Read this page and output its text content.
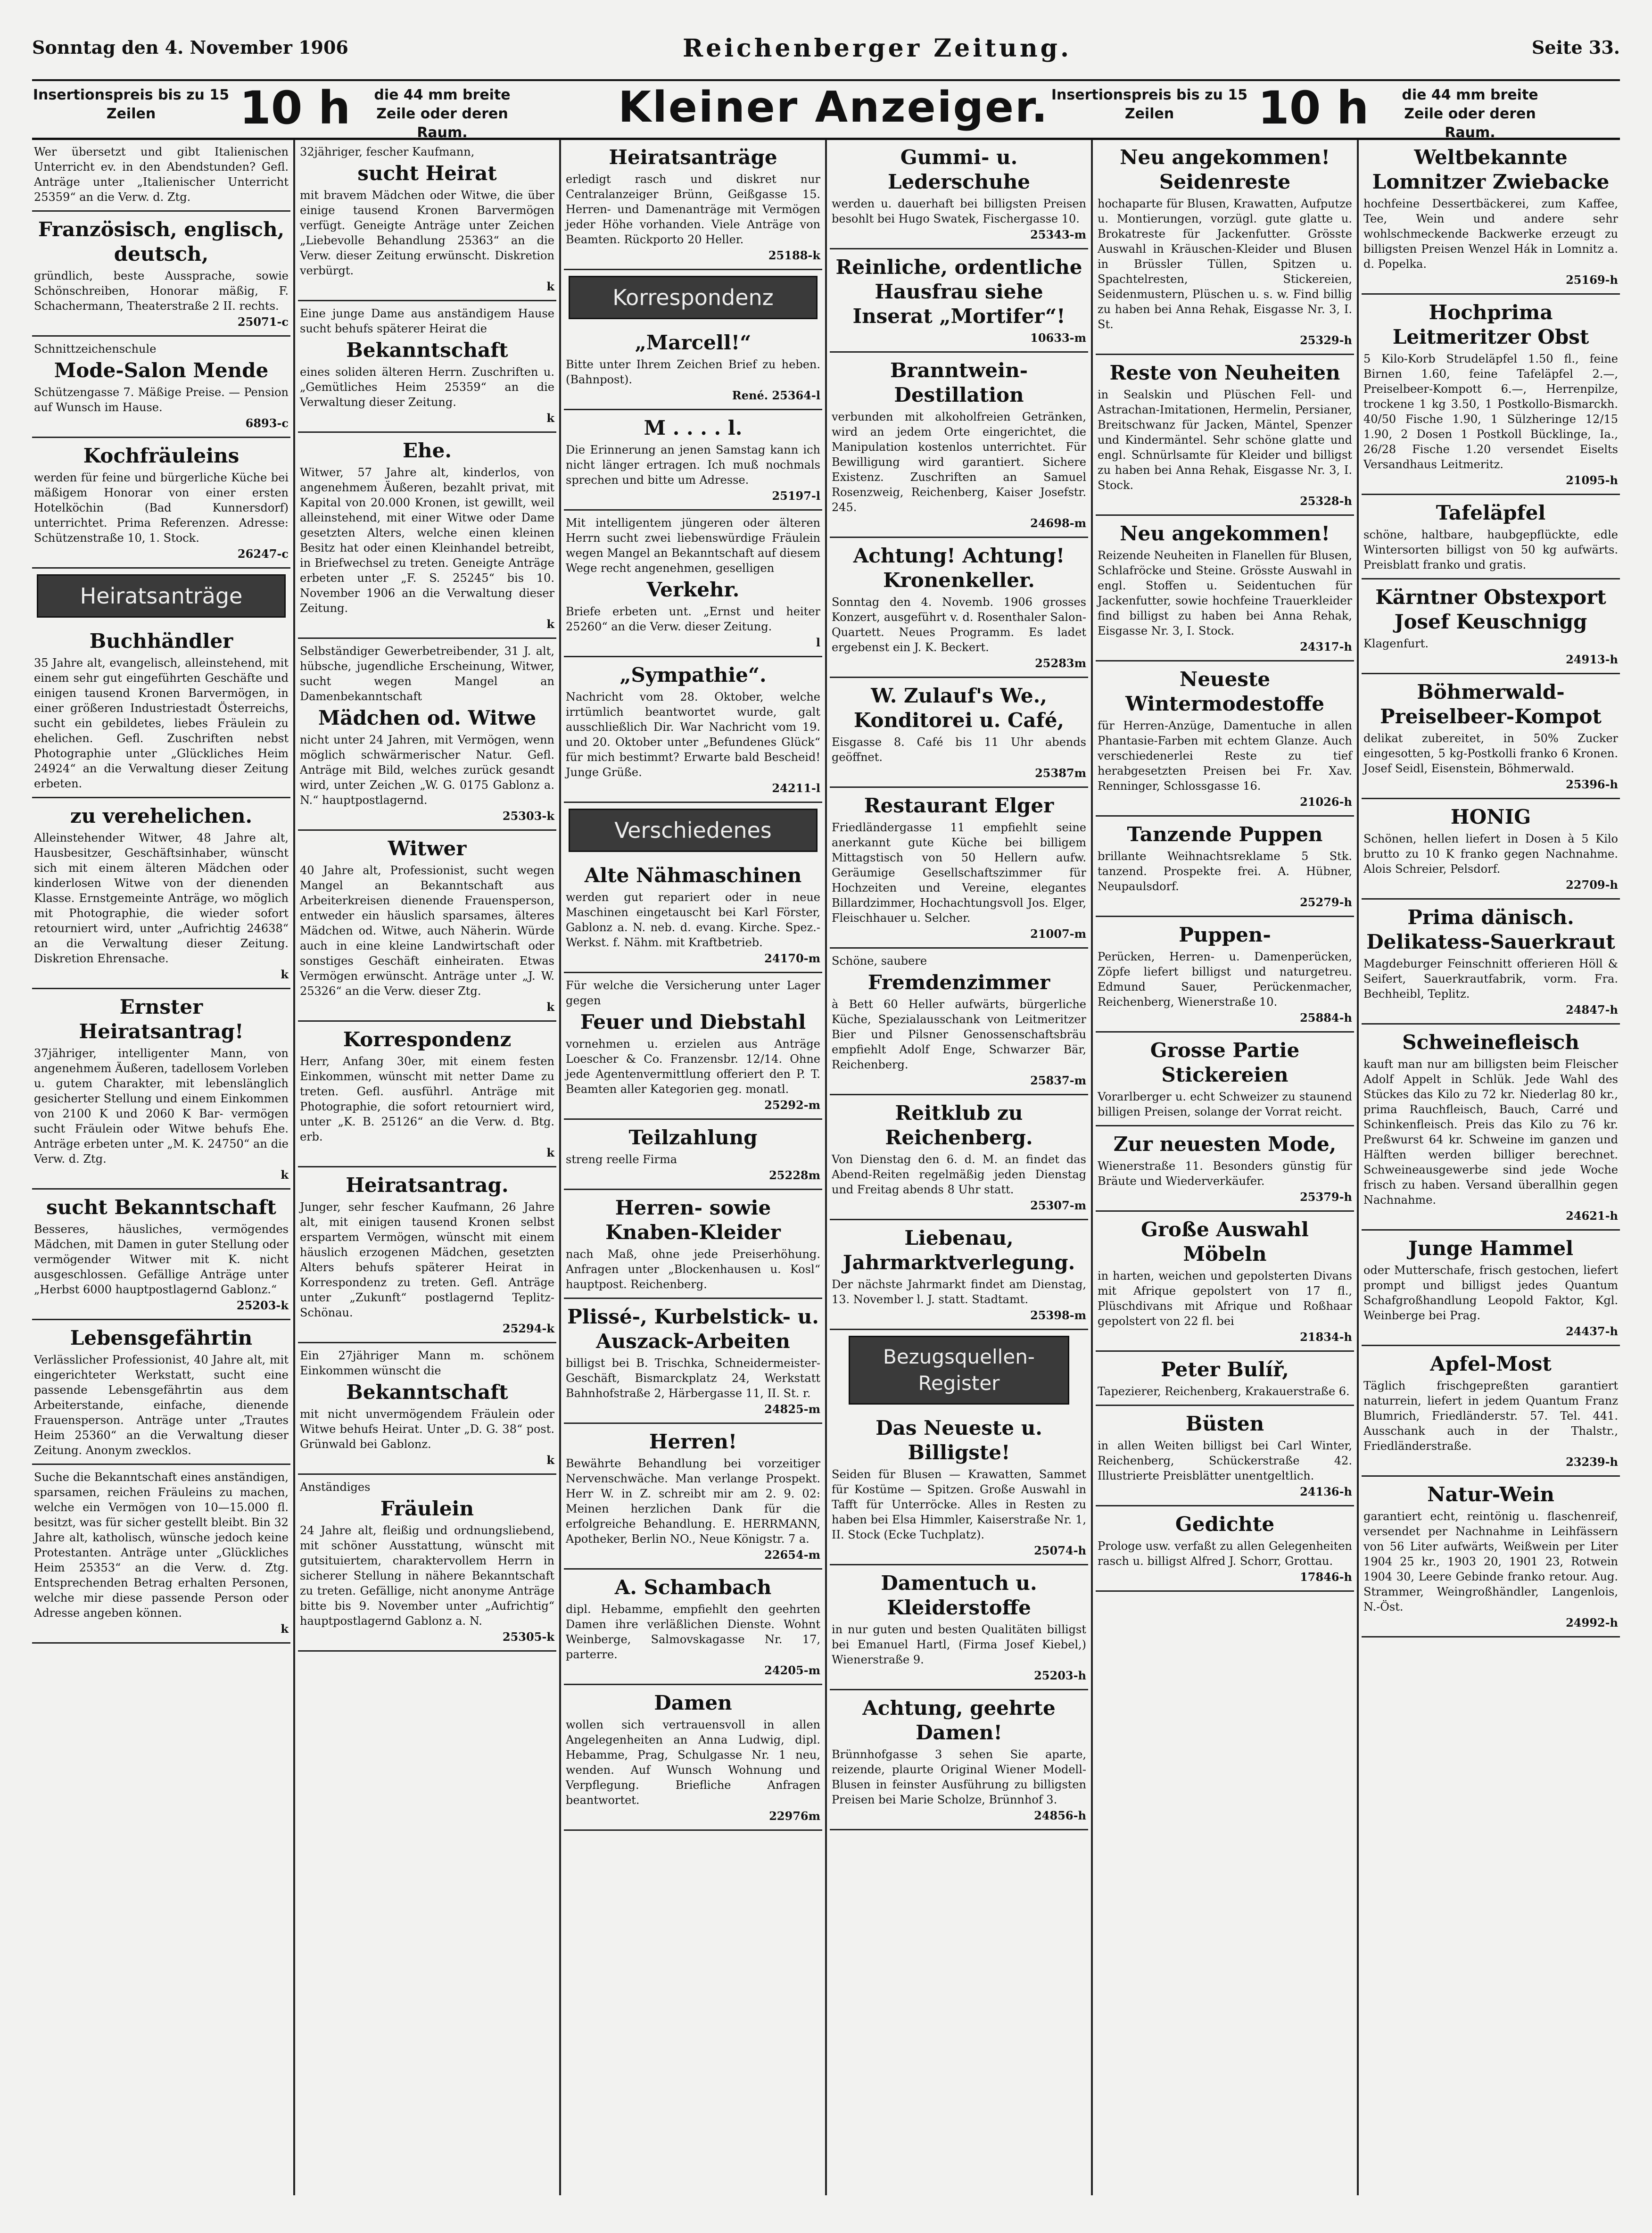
Sonntag den 4. November 1906	Reichenberger Zeitung.	Seite 33.
Insertionspreis bis zu 15 Zeilen	10 h	die 44 mm breite Zeile oder deren Raum.
Kleiner Anzeiger. Insertionspreis bis zu 15 Zeilen	10 h	die 44 mm breite Zeile oder deren Raum.

Wer übersetzt und gibt Italienischen Unterricht ev. in den Abendstunden? Gefl. Anträge unter „Italienischer Unterricht 25359“ an die Verw. d. Ztg.

Französisch, englisch, deutsch,

gründlich, beste Aussprache, sowie Schönschreiben, Honorar mäßig, F. Schachermann, Theaterstraße 2 II. rechts.

25071-c

Schnittzeichenschule

Mode-Salon Mende

Schützengasse 7. Mäßige Preise. — Pension auf Wunsch im Hause.

6893-c

Kochfräuleins

werden für feine und bürgerliche Küche bei mäßigem Honorar von einer ersten Hotelköchin (Bad Kunnersdorf) unterrichtet. Prima Referenzen. Adresse: Schützenstraße 10, 1. Stock.

26247-c

Heiratsanträge
Buchhändler

35 Jahre alt, evangelisch, alleinstehend, mit einem sehr gut eingeführten Geschäfte und einigen tausend Kronen Barvermögen, in einer größeren Industriestadt Österreichs, sucht ein gebildetes, liebes Fräulein zu ehelichen. Gefl. Zuschriften nebst Photographie unter „Glückliches Heim 24924“ an die Verwaltung dieser Zeitung erbeten.

zu verehelichen.

Alleinstehender Witwer, 48 Jahre alt, Hausbesitzer, Geschäftsinhaber, wünscht sich mit einem älteren Mädchen oder kinderlosen Witwe von der dienenden Klasse. Ernstgemeinte Anträge, wo möglich mit Photographie, die wieder sofort retourniert wird, unter „Aufrichtig 24638“ an die Verwaltung dieser Zeitung. Diskretion Ehrensache.

k

Ernster Heiratsantrag!

37jähriger, intelligenter Mann, von angenehmem Äußeren, tadellosem Vorleben u. gutem Charakter, mit lebenslänglich gesicherter Stellung und einem Einkommen von 2100 K und 2060 K Bar- vermögen sucht Fräulein oder Witwe behufs Ehe. Anträge erbeten unter „M. K. 24750“ an die Verw. d. Ztg.

k

sucht Bekanntschaft

Besseres, häusliches, vermögendes Mädchen, mit Damen in guter Stellung oder vermögender Witwer mit K. nicht ausgeschlossen. Gefällige Anträge unter „Herbst 6000 hauptpostlagernd Gablonz.“

25203-k

Lebensgefährtin

Verlässlicher Professionist, 40 Jahre alt, mit eingerichteter Werkstatt, sucht eine passende Lebensgefährtin aus dem Arbeiterstande, einfache, dienende Frauensperson. Anträge unter „Trautes Heim 25360“ an die Verwaltung dieser Zeitung. Anonym zwecklos.

Suche die Bekanntschaft eines anständigen, sparsamen, reichen Fräuleins zu machen, welche ein Vermögen von 10—15.000 fl. besitzt, was für sicher gestellt bleibt. Bin 32 Jahre alt, katholisch, wünsche jedoch keine Protestanten. Anträge unter „Glückliches Heim 25353“ an die Verw. d. Ztg. Entsprechenden Betrag erhalten Personen, welche mir diese passende Person oder Adresse angeben können.

k

32jähriger, fescher Kaufmann,

sucht Heirat

mit bravem Mädchen oder Witwe, die über einige tausend Kronen Barvermögen verfügt. Geneigte Anträge unter Zeichen „Liebevolle Behandlung 25363“ an die Verw. dieser Zeitung erwünscht. Diskretion verbürgt.

k

Eine junge Dame aus anständigem Hause sucht behufs späterer Heirat die

Bekanntschaft

eines soliden älteren Herrn. Zuschriften u. „Gemütliches Heim 25359“ an die Verwaltung dieser Zeitung.

k

Ehe.

Witwer, 57 Jahre alt, kinderlos, von angenehmem Äußeren, bezahlt privat, mit Kapital von 20.000 Kronen, ist gewillt, weil alleinstehend, mit einer Witwe oder Dame gesetzten Alters, welche einen kleinen Besitz hat oder einen Kleinhandel betreibt, in Briefwechsel zu treten. Geneigte Anträge erbeten unter „F. S. 25245“ bis 10. November 1906 an die Verwaltung dieser Zeitung.

k

Selbständiger Gewerbetreibender, 31 J. alt, hübsche, jugendliche Erscheinung, Witwer, sucht wegen Mangel an Damenbekanntschaft

Mädchen od. Witwe

nicht unter 24 Jahren, mit Vermögen, wenn möglich schwärmerischer Natur. Gefl. Anträge mit Bild, welches zurück gesandt wird, unter Zeichen „W. G. 0175 Gablonz a. N.“ hauptpostlagernd.

25303-k

Witwer

40 Jahre alt, Professionist, sucht wegen Mangel an Bekanntschaft aus Arbeiterkreisen dienende Frauensperson, entweder ein häuslich sparsames, älteres Mädchen od. Witwe, auch Näherin. Würde auch in eine kleine Landwirtschaft oder sonstiges Geschäft einheiraten. Etwas Vermögen erwünscht. Anträge unter „J. W. 25326“ an die Verw. dieser Ztg.

k

Korrespondenz

Herr, Anfang 30er, mit einem festen Einkommen, wünscht mit netter Dame zu treten. Gefl. ausführl. Anträge mit Photographie, die sofort retourniert wird, unter „K. B. 25126“ an die Verw. d. Btg. erb.

k

Heiratsantrag.

Junger, sehr fescher Kaufmann, 26 Jahre alt, mit einigen tausend Kronen selbst erspartem Vermögen, wünscht mit einem häuslich erzogenen Mädchen, gesetzten Alters behufs späterer Heirat in Korrespondenz zu treten. Gefl. Anträge unter „Zukunft“ postlagernd Teplitz-Schönau.

25294-k

Ein 27jähriger Mann m. schönem Einkommen wünscht die

Bekanntschaft

mit nicht unvermögendem Fräulein oder Witwe behufs Heirat. Unter „D. G. 38“ post. Grünwald bei Gablonz.

k

Anständiges

Fräulein

24 Jahre alt, fleißig und ordnungsliebend, mit schöner Ausstattung, wünscht mit gutsituiertem, charaktervollem Herrn in sicherer Stellung in nähere Bekanntschaft zu treten. Gefällige, nicht anonyme Anträge bitte bis 9. November unter „Aufrichtig“ hauptpostlagernd Gablonz a. N.

25305-k

Heiratsanträge

erledigt rasch und diskret nur Centralanzeiger Brünn, Geißgasse 15. Herren- und Damenanträge mit Vermögen jeder Höhe vorhanden. Viele Anträge von Beamten. Rückporto 20 Heller.

25188-k

Korrespondenz
„Marcell!“

Bitte unter Ihrem Zeichen Brief zu heben. (Bahnpost).

René. 25364-l

M . . . . l.

Die Erinnerung an jenen Samstag kann ich nicht länger ertragen. Ich muß nochmals sprechen und bitte um Adresse.

25197-l

Mit intelligentem jüngeren oder älteren Herrn sucht zwei liebenswürdige Fräulein wegen Mangel an Bekanntschaft auf diesem Wege recht angenehmen, geselligen

Verkehr.

Briefe erbeten unt. „Ernst und heiter 25260“ an die Verw. dieser Zeitung.

l

„Sympathie“.

Nachricht vom 28. Oktober, welche irrtümlich beantwortet wurde, galt ausschließlich Dir. War Nachricht vom 19. und 20. Oktober unter „Befundenes Glück“ für mich bestimmt? Erwarte bald Bescheid! Junge Grüße.

24211-l

Verschiedenes
Alte Nähmaschinen

werden gut repariert oder in neue Maschinen eingetauscht bei Karl Förster, Gablonz a. N. neb. d. evang. Kirche. Spez.-Werkst. f. Nähm. mit Kraftbetrieb.

24170-m

Für welche die Versicherung unter Lager gegen

Feuer und Diebstahl

vornehmen u. erzielen aus Anträge Loescher & Co. Franzensbr. 12/14. Ohne jede Agentenvermittlung offeriert den P. T. Beamten aller Kategorien geg. monatl.

25292-m

Teilzahlung

streng reelle Firma

25228m

Herren- sowie Knaben-Kleider

nach Maß, ohne jede Preiserhöhung. Anfragen unter „Blockenhausen u. Kosl“ hauptpost. Reichenberg.

Plissé-, Kurbelstick- u. Auszack-Arbeiten

billigst bei B. Trischka, Schneidermeister-Geschäft, Bismarckplatz 24, Werkstatt Bahnhofstraße 2, Härbergasse 11, II. St. r.

24825-m

Herren!

Bewährte Behandlung bei vorzeitiger Nervenschwäche. Man verlange Prospekt. Herr W. in Z. schreibt mir am 2. 9. 02: Meinen herzlichen Dank für die erfolgreiche Behandlung. E. HERRMANN, Apotheker, Berlin NO., Neue Königstr. 7 a.

22654-m

A. Schambach

dipl. Hebamme, empfiehlt den geehrten Damen ihre verläßlichen Dienste. Wohnt Weinberge, Salmovskagasse Nr. 17, parterre.

24205-m

Damen

wollen sich vertrauensvoll in allen Angelegenheiten an Anna Ludwig, dipl. Hebamme, Prag, Schulgasse Nr. 1 neu, wenden. Auf Wunsch Wohnung und Verpflegung. Briefliche Anfragen beantwortet.

22976m

Gummi- u. Lederschuhe

werden u. dauerhaft bei billigsten Preisen besohlt bei Hugo Swatek, Fischergasse 10.

25343-m

Reinliche, ordentliche Hausfrau siehe Inserat „Mortifer“!

10633-m

Branntwein-Destillation

verbunden mit alkoholfreien Getränken, wird an jedem Orte eingerichtet, die Manipulation kostenlos unterrichtet. Für Bewilligung wird garantiert. Sichere Existenz. Zuschriften an Samuel Rosenzweig, Reichenberg, Kaiser Josefstr. 245.

24698-m

Achtung! Achtung! Kronenkeller.

Sonntag den 4. Novemb. 1906 grosses Konzert, ausgeführt v. d. Rosenthaler Salon-Quartett. Neues Programm. Es ladet ergebenst ein J. K. Beckert.

25283m

W. Zulauf's We., Konditorei u. Café,

Eisgasse 8. Café bis 11 Uhr abends geöffnet.

25387m

Restaurant Elger

Friedländergasse 11 empfiehlt seine anerkannt gute Küche bei billigem Mittagstisch von 50 Hellern aufw. Geräumige Gesellschaftszimmer für Hochzeiten und Vereine, elegantes Billardzimmer, Hochachtungsvoll Jos. Elger, Fleischhauer u. Selcher.

21007-m

Schöne, saubere

Fremdenzimmer

à Bett 60 Heller aufwärts, bürgerliche Küche, Spezialausschank von Leitmeritzer Bier und Pilsner Genossenschaftsbräu empfiehlt Adolf Enge, Schwarzer Bär, Reichenberg.

25837-m

Reitklub zu Reichenberg.

Von Dienstag den 6. d. M. an findet das Abend-Reiten regelmäßig jeden Dienstag und Freitag abends 8 Uhr statt.

25307-m

Liebenau, Jahrmarktverlegung.

Der nächste Jahrmarkt findet am Dienstag, 13. November l. J. statt. Stadtamt.

25398-m

Bezugsquellen-Register
Das Neueste u. Billigste!

Seiden für Blusen — Krawatten, Sammet für Kostüme — Spitzen. Große Auswahl in Tafft für Unterröcke. Alles in Resten zu haben bei Elsa Himmler, Kaiserstraße Nr. 1, II. Stock (Ecke Tuchplatz).

25074-h

Damentuch u. Kleiderstoffe

in nur guten und besten Qualitäten billigst bei Emanuel Hartl, (Firma Josef Kiebel,) Wienerstraße 9.

25203-h

Achtung, geehrte Damen!

Brünnhofgasse 3 sehen Sie aparte, reizende, plaurte Original Wiener Modell-Blusen in feinster Ausführung zu billigsten Preisen bei Marie Scholze, Brünnhof 3.

24856-h

Neu angekommen! Seidenreste

hochaparte für Blusen, Krawatten, Aufputze u. Montierungen, vorzügl. gute glatte u. Brokatreste für Jackenfutter. Grösste Auswahl in Kräuschen-Kleider und Blusen in Brüssler Tüllen, Spitzen u. Spachtelresten, Stickereien, Seidenmustern, Plüschen u. s. w. Find billig zu haben bei Anna Rehak, Eisgasse Nr. 3, I. St.

25329-h

Reste von Neuheiten

in Sealskin und Plüschen Fell- und Astrachan-Imitationen, Hermelin, Persianer, Breitschwanz für Jacken, Mäntel, Spenzer und Kindermäntel. Sehr schöne glatte und engl. Schnürlsamte für Kleider und billigst zu haben bei Anna Rehak, Eisgasse Nr. 3, I. Stock.

25328-h

Neu angekommen!

Reizende Neuheiten in Flanellen für Blusen, Schlafröcke und Steine. Grösste Auswahl in engl. Stoffen u. Seidentuchen für Jackenfutter, sowie hochfeine Trauerkleider find billigst zu haben bei Anna Rehak, Eisgasse Nr. 3, I. Stock.

24317-h

Neueste Wintermodestoffe

für Herren-Anzüge, Damentuche in allen Phantasie-Farben mit echtem Glanze. Auch verschiedenerlei Reste zu tief herabgesetzten Preisen bei Fr. Xav. Renninger, Schlossgasse 16.

21026-h

Tanzende Puppen

brillante Weihnachtsreklame 5 Stk. tanzend. Prospekte frei. A. Hübner, Neupaulsdorf.

25279-h

Puppen-

Perücken, Herren- u. Damenperücken, Zöpfe liefert billigst und naturgetreu. Edmund Sauer, Perückenmacher, Reichenberg, Wienerstraße 10.

25884-h

Grosse Partie Stickereien

Vorarlberger u. echt Schweizer zu staunend billigen Preisen, solange der Vorrat reicht.

Zur neuesten Mode,

Wienerstraße 11. Besonders günstig für Bräute und Wiederverkäufer.

25379-h

Große Auswahl Möbeln

in harten, weichen und gepolsterten Divans mit Afrique gepolstert von 17 fl., Plüschdivans mit Afrique und Roßhaar gepolstert von 22 fl. bei

21834-h

Peter Bulíř,

Tapezierer, Reichenberg, Krakauerstraße 6.

Büsten

in allen Weiten billigst bei Carl Winter, Reichenberg, Schückerstraße 42. Illustrierte Preisblätter unentgeltlich.

24136-h

Gedichte

Prologe usw. verfaßt zu allen Gelegenheiten rasch u. billigst Alfred J. Schorr, Grottau.

17846-h

Weltbekannte Lomnitzer Zwiebacke

hochfeine Dessertbäckerei, zum Kaffee, Tee, Wein und andere sehr wohlschmeckende Backwerke erzeugt zu billigsten Preisen Wenzel Hák in Lomnitz a. d. Popelka.

25169-h

Hochprima Leitmeritzer Obst

5 Kilo-Korb Strudeläpfel 1.50 fl., feine Birnen 1.60, feine Tafeläpfel 2.—, Preiselbeer-Kompott 6.—, Herrenpilze, trockene 1 kg 3.50, 1 Postkollo-Bismarckh. 40/50 Fische 1.90, 1 Sülzheringe 12/15 1.90, 2 Dosen 1 Postkoll Bücklinge, Ia., 26/28 Fische 1.20 versendet Eiselts Versandhaus Leitmeritz.

21095-h

Tafeläpfel

schöne, haltbare, haubgepflückte, edle Wintersorten billigst von 50 kg aufwärts. Preisblatt franko und gratis.

Kärntner Obstexport Josef Keuschnigg

Klagenfurt.

24913-h

Böhmerwald-Preiselbeer-Kompot

delikat zubereitet, in 50% Zucker eingesotten, 5 kg-Postkolli franko 6 Kronen. Josef Seidl, Eisenstein, Böhmerwald.

25396-h

HONIG

Schönen, hellen liefert in Dosen à 5 Kilo brutto zu 10 K franko gegen Nachnahme. Alois Schreier, Pelsdorf.

22709-h

Prima dänisch. Delikatess-Sauerkraut

Magdeburger Feinschnitt offerieren Höll & Seifert, Sauerkrautfabrik, vorm. Fra. Bechheibl, Teplitz.

24847-h

Schweinefleisch

kauft man nur am billigsten beim Fleischer Adolf Appelt in Schlük. Jede Wahl des Stückes das Kilo zu 72 kr. Niederlag 80 kr., prima Rauchfleisch, Bauch, Carré und Schinkenfleisch. Preis das Kilo zu 76 kr. Preßwurst 64 kr. Schweine im ganzen und Hälften werden billiger berechnet. Schweineausgewerbe sind jede Woche frisch zu haben. Versand überallhin gegen Nachnahme.

24621-h

Junge Hammel

oder Mutterschafe, frisch gestochen, liefert prompt und billigst jedes Quantum Schafgroßhandlung Leopold Faktor, Kgl. Weinberge bei Prag.

24437-h

Apfel-Most

Täglich frischgepreßten garantiert naturrein, liefert in jedem Quantum Franz Blumrich, Friedländerstr. 57. Tel. 441. Ausschank auch in der Thalstr., Friedländerstraße.

23239-h

Natur-Wein

garantiert echt, reintönig u. flaschenreif, versendet per Nachnahme in Leihfässern von 56 Liter aufwärts, Weißwein per Liter 1904 25 kr., 1903 20, 1901 23, Rotwein 1904 30, Leere Gebinde franko retour. Aug. Strammer, Weingroßhändler, Langenlois, N.-Öst.

24992-h
